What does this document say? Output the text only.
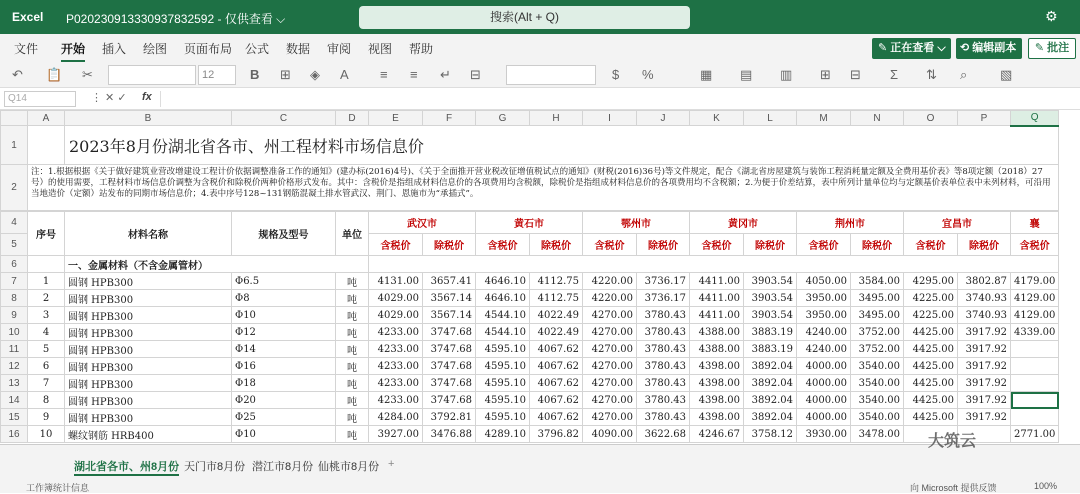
Excel P020230913330937832592 - 仅供查看 ⌵	搜索(Alt + Q)	⚙
文件 开始 插入 绘图 页面布局 公式 数据 审阅 视图 帮助	✎ 正在查看 ⌵	⟲ 编辑副本	✎ 批注
↶ 📋 ✂	12	B ⊞ ◈ A ≡ ≡ ↵ ⊟	$ %	▦ ▤ ▥ ⊞ ⊟ Σ ⇅ ⌕	▧
Q14	⋮ ✕ ✓ fx
	A	B	C	D	E	F	G	H	I	J	K	L	M	N	O	P	Q
1		2023年8月份湖北省各市、州工程材料市场信息价															
2	注：1.根据根据《关于做好建筑业营改增建设工程计价依据调整准备工作的通知》(建办标(2016)4号)、《关于全面推开营业税改征增值税试点的通知》(财税(2016)36号)等文件规定，配合《湖北省房屋建筑与装饰工程消耗量定额及全费用基价表》等8项定额（2018）27号）的使用需要，工程材料市场信息价调整为含税价和除税价两种价格形式发布。其中：含税价是指组成材料信息价的各项费用均含税额，除税价是指组成材料信息价的各项费用均不含税额；2.为便于价差结算，表中所列计量单位均与定额基价表单位表中未列材料，可沿用当地造价（定额）站发布的同期市场信息价；4.表中序号128~131钢筋混凝土排水管武汉、荆门、恩施市为“承插式”。																

4	序号	材料名称	规格及型号	单位	武汉市		黄石市		鄂州市		黄冈市		荆州市		宜昌市		襄
5					含税价	除税价	含税价	除税价	含税价	除税价	含税价	除税价	含税价	除税价	含税价	除税价	含税价
6		一、金属材料（不含金属管材）															
7	1	圆钢 HPB300	Φ6.5	吨	4131.00	3657.41	4646.10	4112.75	4220.00	3736.17	4411.00	3903.54	4050.00	3584.00	4295.00	3802.87	4179.00
8	2	圆钢 HPB300	Φ8	吨	4029.00	3567.14	4646.10	4112.75	4220.00	3736.17	4411.00	3903.54	3950.00	3495.00	4225.00	3740.93	4129.00
9	3	圆钢 HPB300	Φ10	吨	4029.00	3567.14	4544.10	4022.49	4270.00	3780.43	4411.00	3903.54	3950.00	3495.00	4225.00	3740.93	4129.00
10	4	圆钢 HPB300	Φ12	吨	4233.00	3747.68	4544.10	4022.49	4270.00	3780.43	4388.00	3883.19	4240.00	3752.00	4425.00	3917.92	4339.00
11	5	圆钢 HPB300	Φ14	吨	4233.00	3747.68	4595.10	4067.62	4270.00	3780.43	4388.00	3883.19	4240.00	3752.00	4425.00	3917.92	
12	6	圆钢 HPB300	Φ16	吨	4233.00	3747.68	4595.10	4067.62	4270.00	3780.43	4398.00	3892.04	4000.00	3540.00	4425.00	3917.92	
13	7	圆钢 HPB300	Φ18	吨	4233.00	3747.68	4595.10	4067.62	4270.00	3780.43	4398.00	3892.04	4000.00	3540.00	4425.00	3917.92	
14	8	圆钢 HPB300	Φ20	吨	4233.00	3747.68	4595.10	4067.62	4270.00	3780.43	4398.00	3892.04	4000.00	3540.00	4425.00	3917.92	
15	9	圆钢 HPB300	Φ25	吨	4284.00	3792.81	4595.10	4067.62	4270.00	3780.43	4398.00	3892.04	4000.00	3540.00	4425.00	3917.92	
16	10	螺纹钢筋 HRB400	Φ10	吨	3927.00	3476.88	4289.10	3796.82	4090.00	3622.68	4246.67	3758.12	3930.00	3478.00			2771.00
湖北省各市、州8月份 天门市8月份 潜江市8月份 仙桃市8月份 +
工作簿统计信息	向 Microsoft 提供反馈	100%
大筑云
